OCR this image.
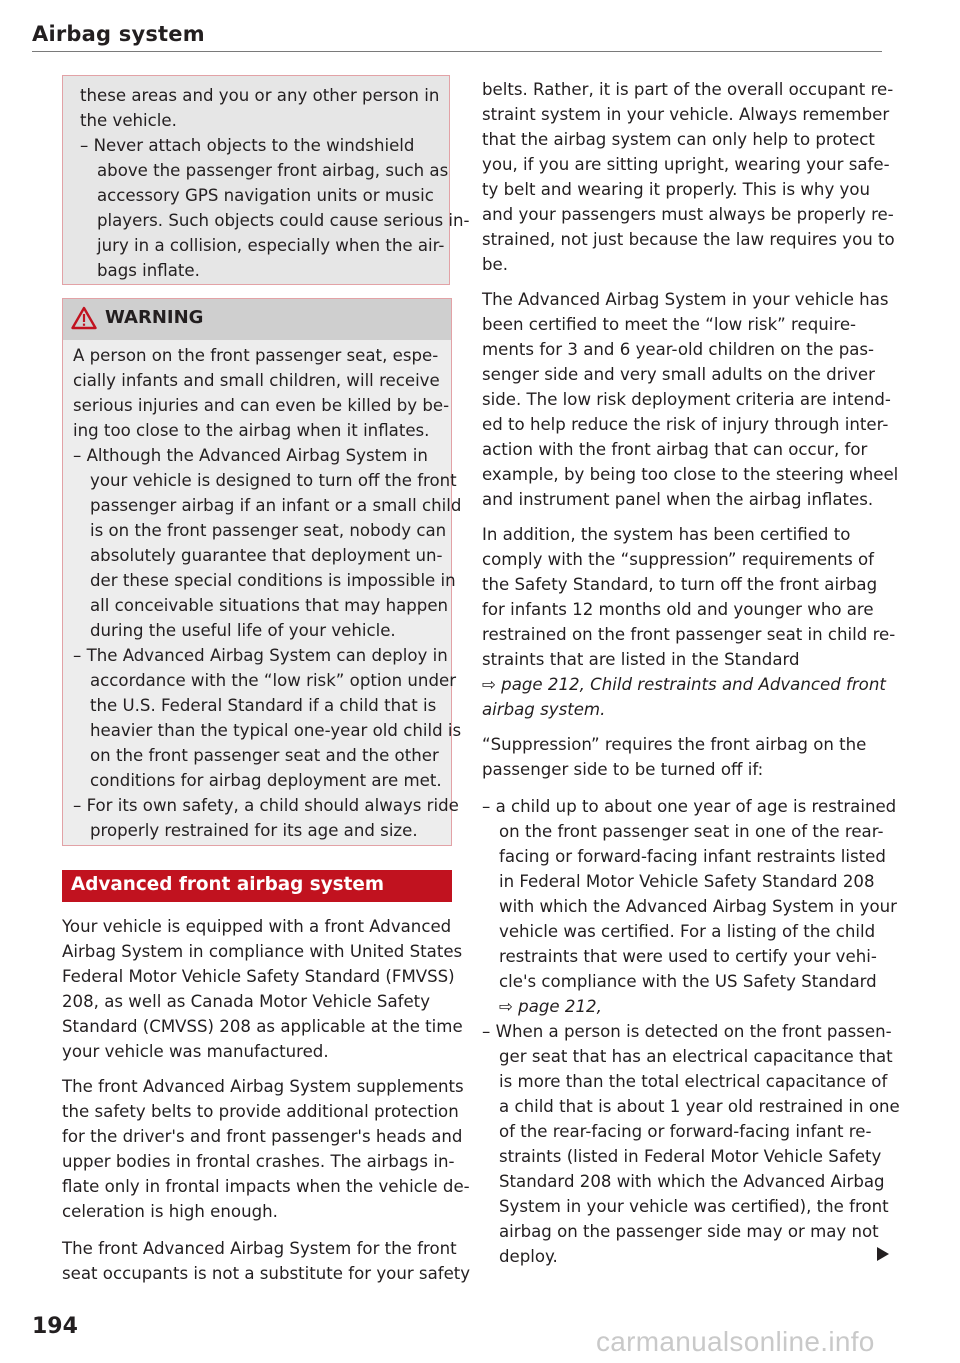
Airbag system
these areas and you or any other person in
the vehicle.
– Never attach objects to the windshield
above the passenger front airbag, such as
accessory GPS navigation units or music
players. Such objects could cause serious in-
jury in a collision, especially when the air-
bags inflate.
WARNING
A person on the front passenger seat, espe-
cially infants and small children, will receive
serious injuries and can even be killed by be-
ing too close to the airbag when it inflates.
– Although the Advanced Airbag System in
your vehicle is designed to turn off the front
passenger airbag if an infant or a small child
is on the front passenger seat, nobody can
absolutely guarantee that deployment un-
der these special conditions is impossible in
all conceivable situations that may happen
during the useful life of your vehicle.
– The Advanced Airbag System can deploy in
accordance with the “low risk” option under
the U.S. Federal Standard if a child that is
heavier than the typical one-year old child is
on the front passenger seat and the other
conditions for airbag deployment are met.
– For its own safety, a child should always ride
properly restrained for its age and size.
Advanced front airbag system
Your vehicle is equipped with a front Advanced
Airbag System in compliance with United States
Federal Motor Vehicle Safety Standard (FMVSS)
208, as well as Canada Motor Vehicle Safety
Standard (CMVSS) 208 as applicable at the time
your vehicle was manufactured.
The front Advanced Airbag System supplements
the safety belts to provide additional protection
for the driver's and front passenger's heads and
upper bodies in frontal crashes. The airbags in-
flate only in frontal impacts when the vehicle de-
celeration is high enough.
The front Advanced Airbag System for the front
seat occupants is not a substitute for your safety
belts. Rather, it is part of the overall occupant re-
straint system in your vehicle. Always remember
that the airbag system can only help to protect
you, if you are sitting upright, wearing your safe-
ty belt and wearing it properly. This is why you
and your passengers must always be properly re-
strained, not just because the law requires you to
be.
The Advanced Airbag System in your vehicle has
been certified to meet the “low risk” require-
ments for 3 and 6 year-old children on the pas-
senger side and very small adults on the driver
side. The low risk deployment criteria are intend-
ed to help reduce the risk of injury through inter-
action with the front airbag that can occur, for
example, by being too close to the steering wheel
and instrument panel when the airbag inflates.
In addition, the system has been certified to
comply with the “suppression” requirements of
the Safety Standard, to turn off the front airbag
for infants 12 months old and younger who are
restrained on the front passenger seat in child re-
straints that are listed in the Standard
⇨ page 212, Child restraints and Advanced front
airbag system.
“Suppression” requires the front airbag on the
passenger side to be turned off if:
– a child up to about one year of age is restrained
on the front passenger seat in one of the rear-
facing or forward-facing infant restraints listed
in Federal Motor Vehicle Safety Standard 208
with which the Advanced Airbag System in your
vehicle was certified. For a listing of the child
restraints that were used to certify your vehi-
cle's compliance with the US Safety Standard
⇨ page 212,
– When a person is detected on the front passen-
ger seat that has an electrical capacitance that
is more than the total electrical capacitance of
a child that is about 1 year old restrained in one
of the rear-facing or forward-facing infant re-
straints (listed in Federal Motor Vehicle Safety
Standard 208 with which the Advanced Airbag
System in your vehicle was certified), the front
airbag on the passenger side may or may not
deploy.
194	carmanualsonline.info
